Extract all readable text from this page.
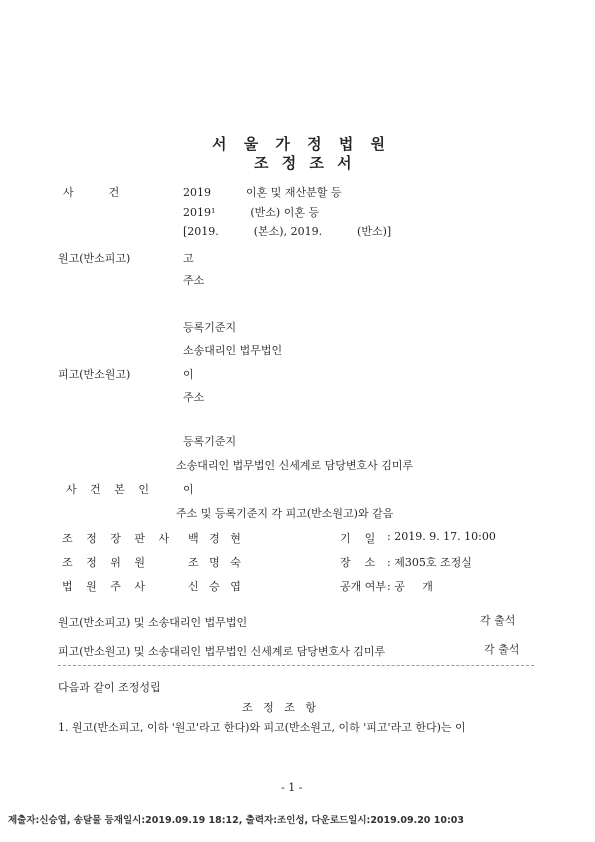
서 울 가 정 법 원
조 정 조 서
사          건	2019          이혼 및 재산분할 등
2019¹          (반소) 이혼 등
[2019.          (본소), 2019.          (반소)]
원고(반소피고)	고
주소
등록기준지
소송대리인 법무법인
피고(반소원고)	이
주소
등록기준지
소송대리인 법무법인 신세계로 담당변호사 김미루
사 건 본 인	이
주소 및 등록기준지 각 피고(반소원고)와 같음
조 정 장 판 사 백   경   현	기    일 : 2019. 9. 17. 10:00
조 정 위 원	조   명   숙	장    소 : 제305호 조정실
법 원 주 사	신   승   엽	공개 여부 : 공     개
원고(반소피고) 및 소송대리인 법무법인	각 출석
피고(반소원고) 및 소송대리인 법무법인 신세계로 담당변호사 김미루	각 출석
다음과 같이 조정성립
조   정   조   항
1. 원고(반소피고, 이하 '원고'라고 한다)와 피고(반소원고, 이하 '피고'라고 한다)는 이
- 1 -
제출자:신승엽, 송달물 등재일시:2019.09.19 18:12, 출력자:조인성, 다운로드일시:2019.09.20 10:03
